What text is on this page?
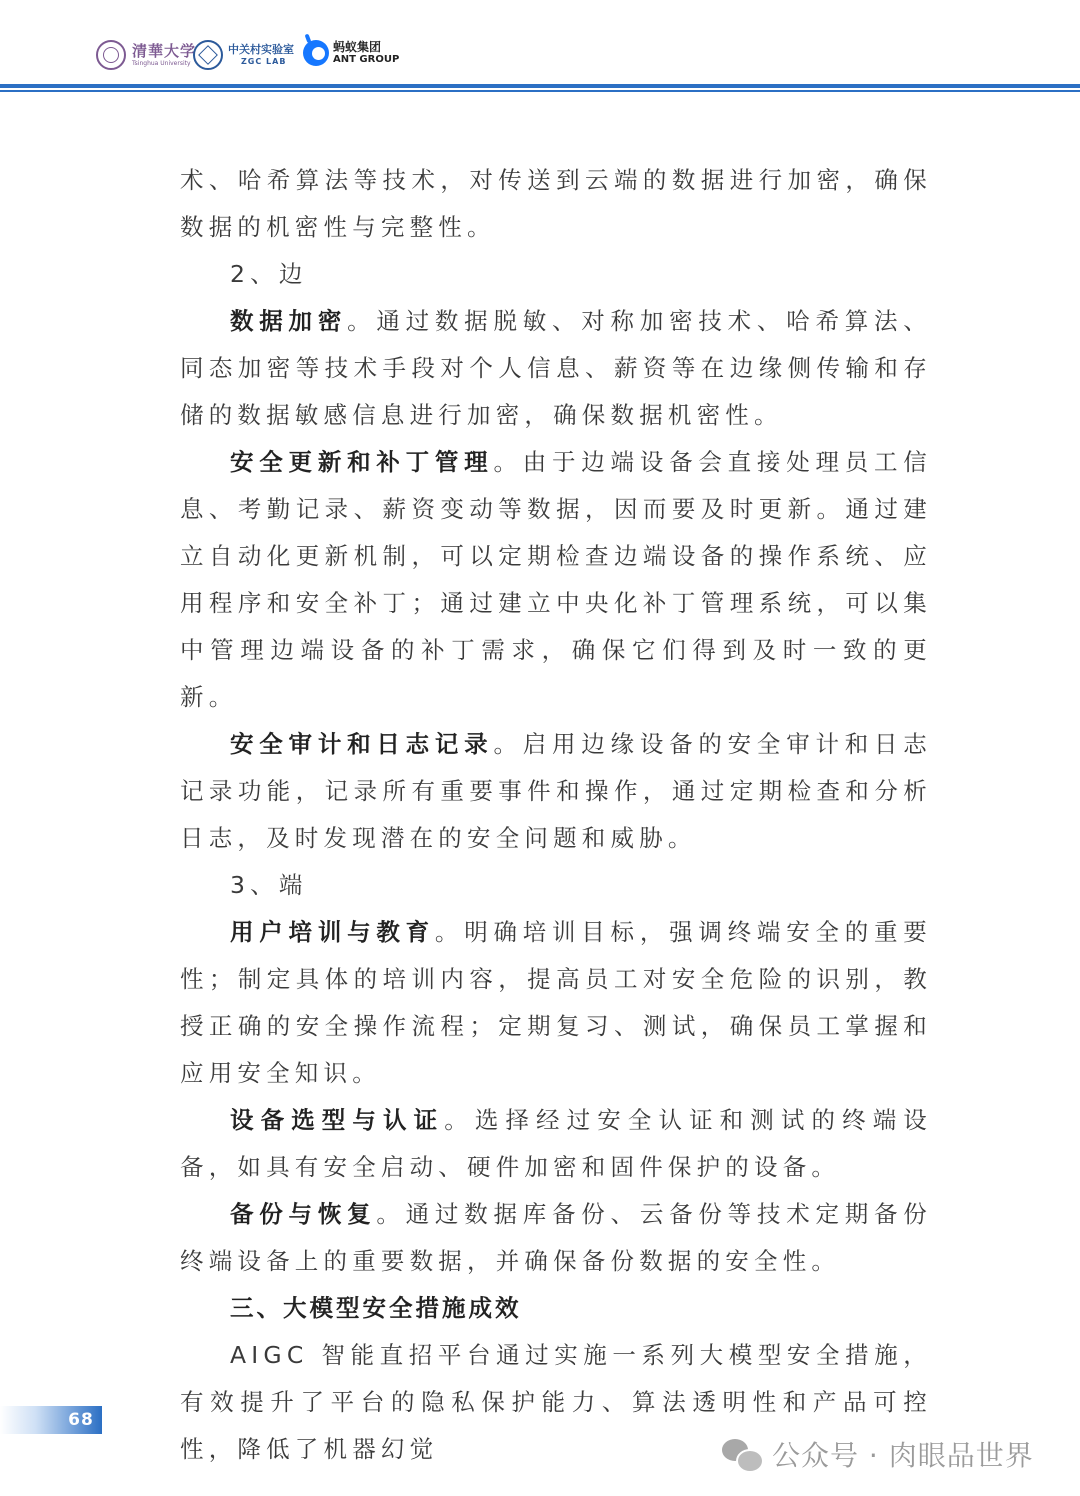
清華大学
Tsinghua University
中关村实验室
ZGC LAB
蚂蚁集团
ANT GROUP

术、哈希算法等技术，对传送到云端的数据进行加密，确保数据的机密性与完整性。

2、边

数据加密。通过数据脱敏、对称加密技术、哈希算法、同态加密等技术手段对个人信息、薪资等在边缘侧传输和存储的数据敏感信息进行加密，确保数据机密性。

安全更新和补丁管理。由于边端设备会直接处理员工信息、考勤记录、薪资变动等数据，因而要及时更新。通过建立自动化更新机制，可以定期检查边端设备的操作系统、应用程序和安全补丁；通过建立中央化补丁管理系统，可以集中管理边端设备的补丁需求，确保它们得到及时一致的更新。

安全审计和日志记录。启用边缘设备的安全审计和日志记录功能，记录所有重要事件和操作，通过定期检查和分析日志，及时发现潜在的安全问题和威胁。

3、端

用户培训与教育。明确培训目标，强调终端安全的重要性；制定具体的培训内容，提高员工对安全危险的识别，教授正确的安全操作流程；定期复习、测试，确保员工掌握和应用安全知识。

设备选型与认证。选择经过安全认证和测试的终端设备，如具有安全启动、硬件加密和固件保护的设备。

备份与恢复。通过数据库备份、云备份等技术定期备份终端设备上的重要数据，并确保备份数据的安全性。

三、大模型安全措施成效

AIGC 智能直招平台通过实施一系列大模型安全措施，有效提升了平台的隐私保护能力、算法透明性和产品可控性，降低了机器幻觉

68
公众号 · 肉眼品世界
